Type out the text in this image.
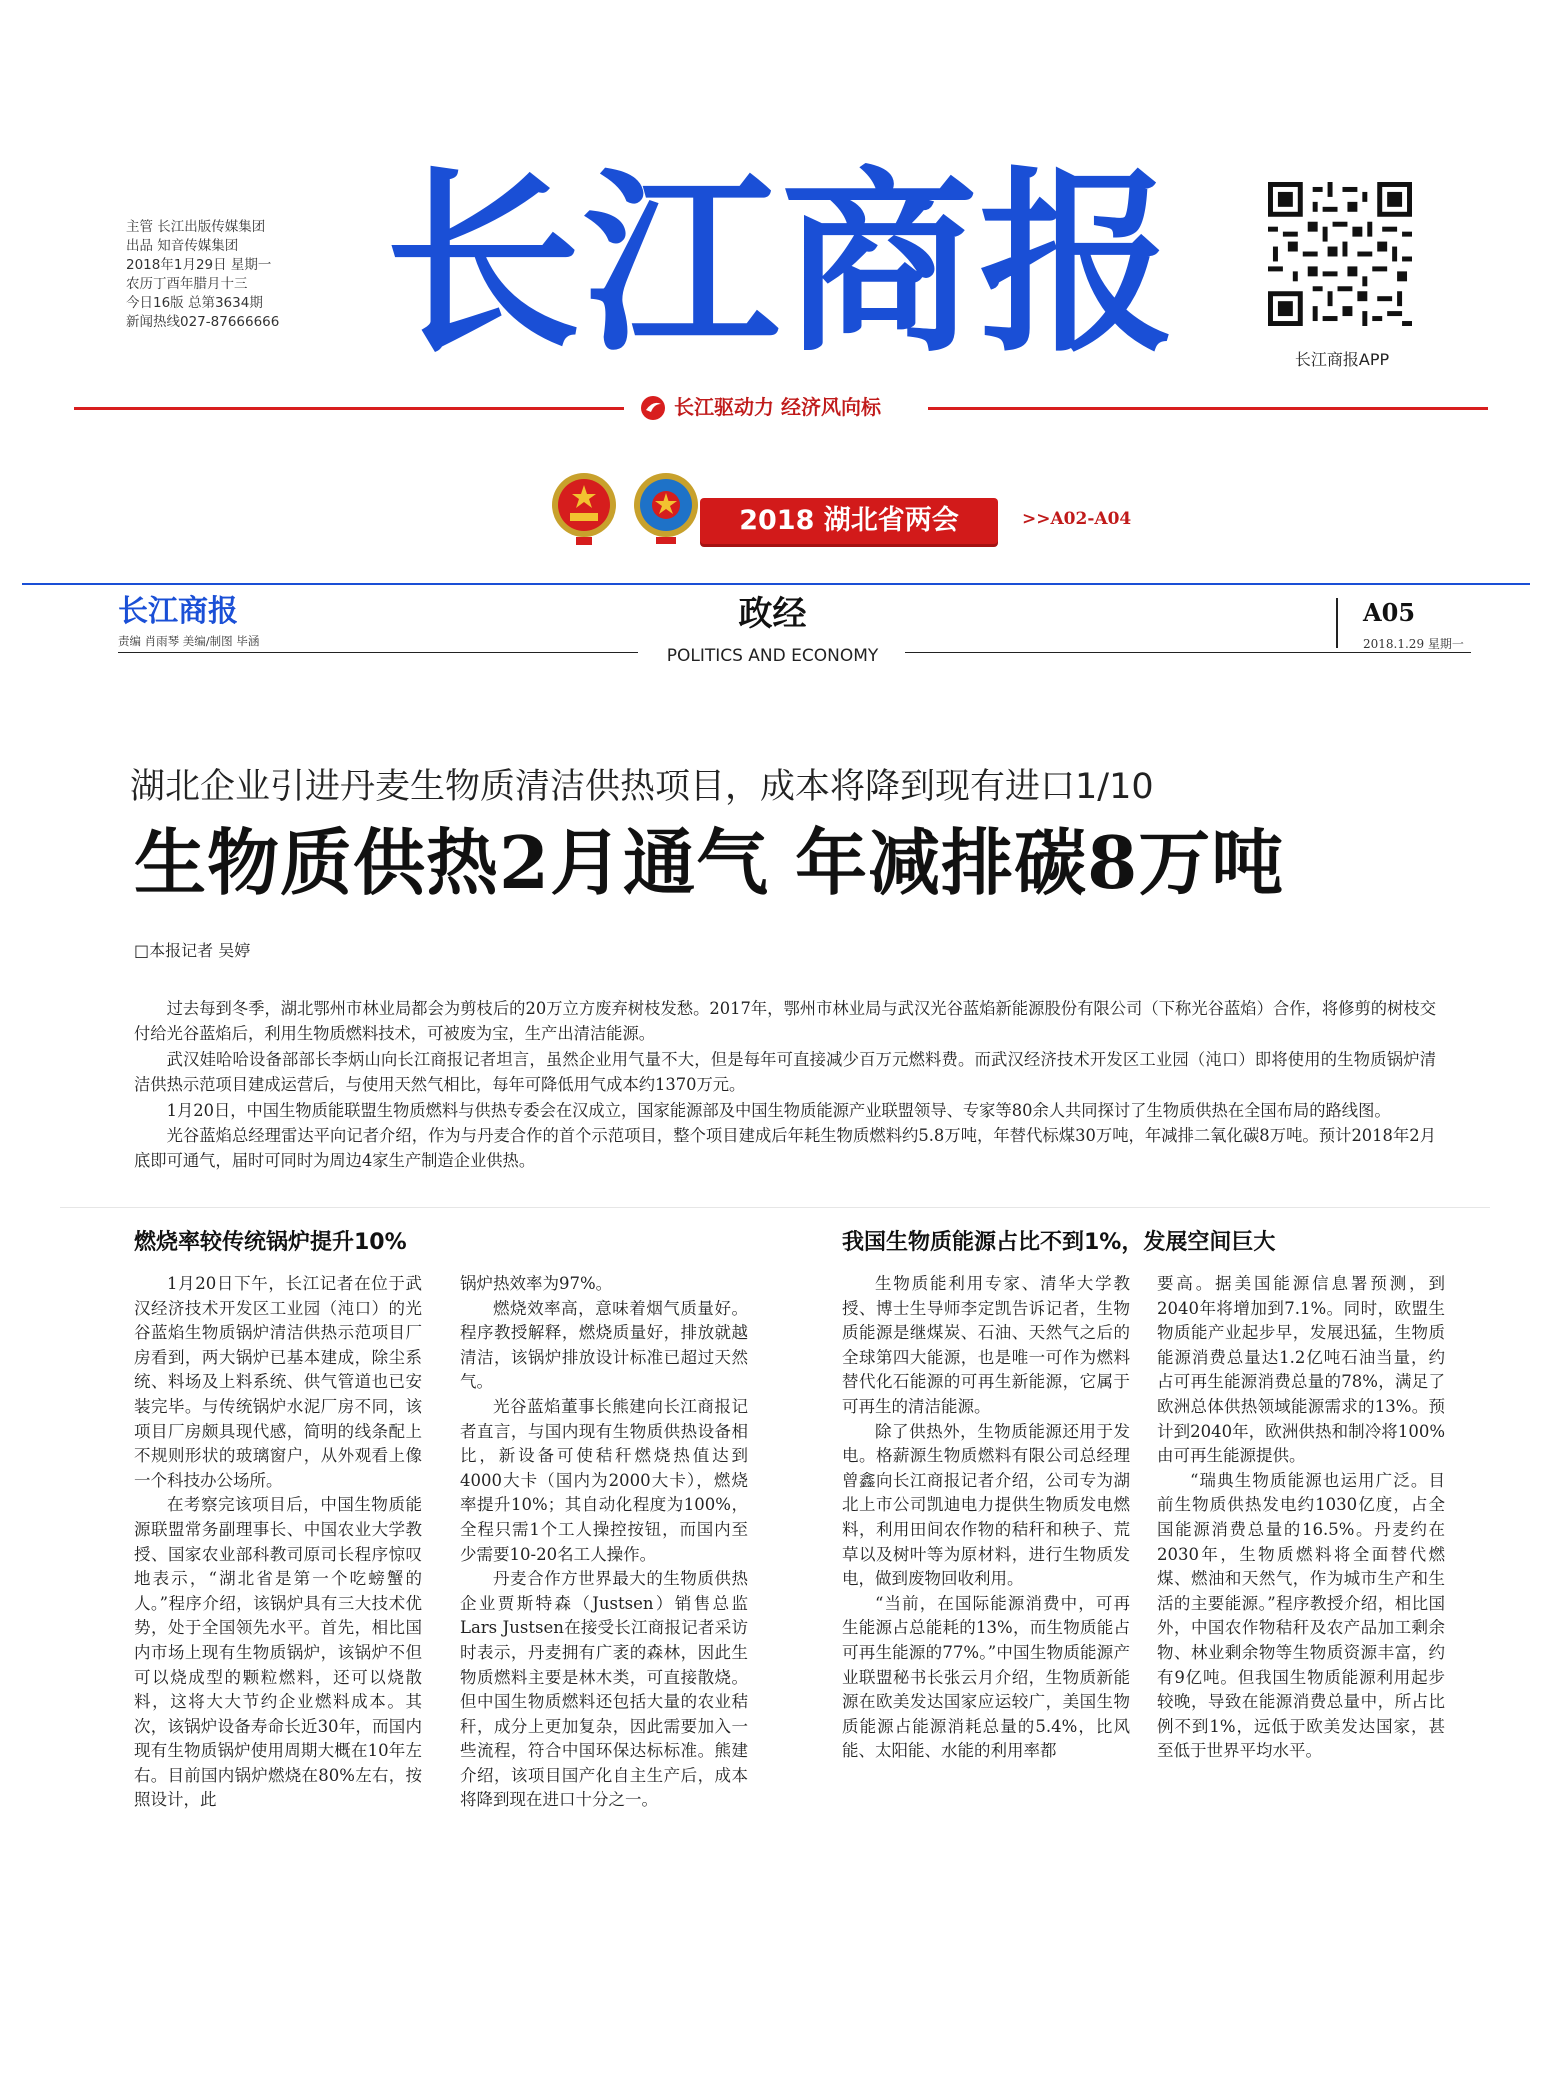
主管 长江出版传媒集团
出品 知音传媒集团
2018年1月29日 星期一
农历丁酉年腊月十三
今日16版 总第3634期
新闻热线027-87666666 长江商报	长江商报APP
长江驱动力 经济风向标
2018 湖北省两会	>>A02-A04
长江商报
责编 肖雨琴 美编/制图 毕涵
政经
POLITICS AND ECONOMY
A05
2018.1.29 星期一
湖北企业引进丹麦生物质清洁供热项目，成本将降到现有进口1/10
生物质供热2月通气 年减排碳8万吨
□本报记者 吴婷

过去每到冬季，湖北鄂州市林业局都会为剪枝后的20万立方废弃树枝发愁。2017年，鄂州市林业局与武汉光谷蓝焰新能源股份有限公司（下称光谷蓝焰）合作，将修剪的树枝交付给光谷蓝焰后，利用生物质燃料技术，可被废为宝，生产出清洁能源。

武汉娃哈哈设备部部长李炳山向长江商报记者坦言，虽然企业用气量不大，但是每年可直接减少百万元燃料费。而武汉经济技术开发区工业园（沌口）即将使用的生物质锅炉清洁供热示范项目建成运营后，与使用天然气相比，每年可降低用气成本约1370万元。

1月20日，中国生物质能联盟生物质燃料与供热专委会在汉成立，国家能源部及中国生物质能源产业联盟领导、专家等80余人共同探讨了生物质供热在全国布局的路线图。

光谷蓝焰总经理雷达平向记者介绍，作为与丹麦合作的首个示范项目，整个项目建成后年耗生物质燃料约5.8万吨，年替代标煤30万吨，年减排二氧化碳8万吨。预计2018年2月底即可通气，届时可同时为周边4家生产制造企业供热。

燃烧率较传统锅炉提升10%

1月20日下午，长江记者在位于武汉经济技术开发区工业园（沌口）的光谷蓝焰生物质锅炉清洁供热示范项目厂房看到，两大锅炉已基本建成，除尘系统、料场及上料系统、供气管道也已安装完毕。与传统锅炉水泥厂房不同，该项目厂房颇具现代感，简明的线条配上不规则形状的玻璃窗户，从外观看上像一个科技办公场所。

在考察完该项目后，中国生物质能源联盟常务副理事长、中国农业大学教授、国家农业部科教司原司长程序惊叹地表示，“湖北省是第一个吃螃蟹的人。”程序介绍，该锅炉具有三大技术优势，处于全国领先水平。首先，相比国内市场上现有生物质锅炉，该锅炉不但可以烧成型的颗粒燃料，还可以烧散料，这将大大节约企业燃料成本。其次，该锅炉设备寿命长近30年，而国内现有生物质锅炉使用周期大概在10年左右。目前国内锅炉燃烧在80%左右，按照设计，此

锅炉热效率为97%。

燃烧效率高，意味着烟气质量好。程序教授解释，燃烧质量好，排放就越清洁，该锅炉排放设计标准已超过天然气。

光谷蓝焰董事长熊建向长江商报记者直言，与国内现有生物质供热设备相比，新设备可使秸秆燃烧热值达到4000大卡（国内为2000大卡），燃烧率提升10%；其自动化程度为100%，全程只需1个工人操控按钮，而国内至少需要10-20名工人操作。

丹麦合作方世界最大的生物质供热企业贾斯特森（Justsen）销售总监Lars Justsen在接受长江商报记者采访时表示，丹麦拥有广袤的森林，因此生物质燃料主要是林木类，可直接散烧。但中国生物质燃料还包括大量的农业秸秆，成分上更加复杂，因此需要加入一些流程，符合中国环保达标标准。熊建介绍，该项目国产化自主生产后，成本将降到现在进口十分之一。

我国生物质能源占比不到1%，发展空间巨大

生物质能利用专家、清华大学教授、博士生导师李定凯告诉记者，生物质能源是继煤炭、石油、天然气之后的全球第四大能源，也是唯一可作为燃料替代化石能源的可再生新能源，它属于可再生的清洁能源。

除了供热外，生物质能源还用于发电。格薪源生物质燃料有限公司总经理曾鑫向长江商报记者介绍，公司专为湖北上市公司凯迪电力提供生物质发电燃料，利用田间农作物的秸秆和秧子、荒草以及树叶等为原材料，进行生物质发电，做到废物回收利用。

“当前，在国际能源消费中，可再生能源占总能耗的13%，而生物质能占可再生能源的77%。”中国生物质能源产业联盟秘书长张云月介绍，生物质新能源在欧美发达国家应运较广，美国生物质能源占能源消耗总量的5.4%，比风能、太阳能、水能的利用率都

要高。据美国能源信息署预测，到2040年将增加到7.1%。同时，欧盟生物质能产业起步早，发展迅猛，生物质能源消费总量达1.2亿吨石油当量，约占可再生能源消费总量的78%，满足了欧洲总体供热领域能源需求的13%。预计到2040年，欧洲供热和制冷将100%由可再生能源提供。

“瑞典生物质能源也运用广泛。目前生物质供热发电约1030亿度，占全国能源消费总量的16.5%。丹麦约在2030年，生物质燃料将全面替代燃煤、燃油和天然气，作为城市生产和生活的主要能源。”程序教授介绍，相比国外，中国农作物秸秆及农产品加工剩余物、林业剩余物等生物质资源丰富，约有9亿吨。但我国生物质能源利用起步较晚，导致在能源消费总量中，所占比例不到1%，远低于欧美发达国家，甚至低于世界平均水平。
